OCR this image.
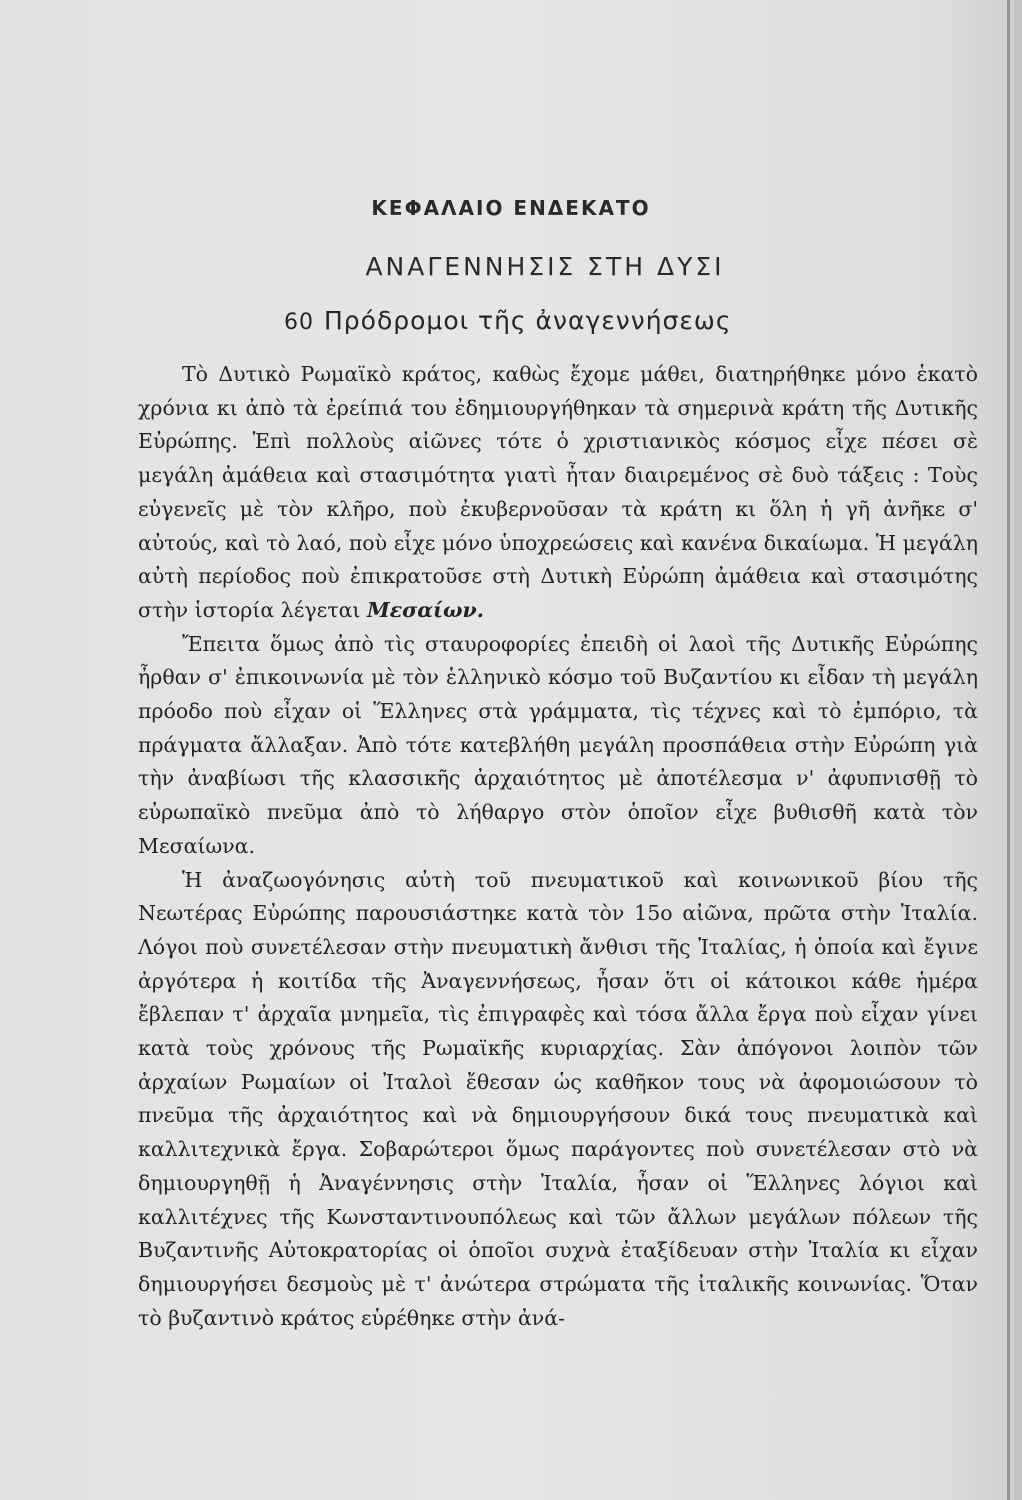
ΚΕΦΑΛΑΙΟ ΕΝΔΕΚΑΤΟ
ΑΝΑΓΕΝΝΗΣΙΣ ΣΤΗ ΔΥΣΙ
60 Πρόδρομοι τῆς ἀναγεννήσεως

Τὸ Δυτικὸ Ρωμαϊκὸ κράτος, καθὼς ἔχομε μάθει, διατηρήθηκε μόνο ἑκατὸ χρόνια κι ἀπὸ τὰ ἐρείπιά του ἐδημιουργήθηκαν τὰ σημερινὰ κράτη τῆς Δυτικῆς Εὐρώπης. Ἐπὶ πολλοὺς αἰῶνες τότε ὁ χριστιανικὸς κόσμος εἶχε πέσει σὲ μεγάλη ἀμάθεια καὶ στασιμότητα γιατὶ ἦταν διαιρεμένος σὲ δυὸ τάξεις : Τοὺς εὐγενεῖς μὲ τὸν κλῆρο, ποὺ ἐκυβερνοῦσαν τὰ κράτη κι ὅλη ἡ γῆ ἀνῆκε σ' αὐτούς, καὶ τὸ λαό, ποὺ εἶχε μόνο ὑποχρεώσεις καὶ κανένα δικαίωμα. Ἡ μεγάλη αὐτὴ περίοδος ποὺ ἐπικρατοῦσε στὴ Δυτικὴ Εὐρώπη ἀμάθεια καὶ στασιμότης στὴν ἱστορία λέγεται Μεσαίων.

Ἔπειτα ὅμως ἀπὸ τὶς σταυροφορίες ἐπειδὴ οἱ λαοὶ τῆς Δυτικῆς Εὐρώπης ἦρθαν σ' ἐπικοινωνία μὲ τὸν ἑλληνικὸ κόσμο τοῦ Βυζαντίου κι εἶδαν τὴ μεγάλη πρόοδο ποὺ εἶχαν οἱ Ἕλληνες στὰ γράμματα, τὶς τέχνες καὶ τὸ ἐμπόριο, τὰ πράγματα ἄλλαξαν. Ἀπὸ τότε κατεβλήθη μεγάλη προσπάθεια στὴν Εὐρώπη γιὰ τὴν ἀναβίωσι τῆς κλασσικῆς ἀρχαιότητος μὲ ἀποτέλεσμα ν' ἀφυπνισθῇ τὸ εὐρωπαϊκὸ πνεῦμα ἀπὸ τὸ λήθαργο στὸν ὁποῖον εἶχε βυθισθῆ κατὰ τὸν Μεσαίωνα.

Ἡ ἀναζωογόνησις αὐτὴ τοῦ πνευματικοῦ καὶ κοινωνικοῦ βίου τῆς Νεωτέρας Εὐρώπης παρουσιάστηκε κατὰ τὸν 15ο αἰῶνα, πρῶτα στὴν Ἰταλία. Λόγοι ποὺ συνετέλεσαν στὴν πνευματικὴ ἄνθισι τῆς Ἰταλίας, ἡ ὁποία καὶ ἔγινε ἀργότερα ἡ κοιτίδα τῆς Ἀναγεννήσεως, ἦσαν ὅτι οἱ κάτοικοι κάθε ἡμέρα ἔβλεπαν τ' ἀρχαῖα μνημεῖα, τὶς ἐπιγραφὲς καὶ τόσα ἄλλα ἔργα ποὺ εἶχαν γίνει κατὰ τοὺς χρόνους τῆς Ρωμαϊκῆς κυριαρχίας. Σὰν ἀπόγονοι λοιπὸν τῶν ἀρχαίων Ρωμαίων οἱ Ἰταλοὶ ἔθεσαν ὡς καθῆκον τους νὰ ἀφομοιώσουν τὸ πνεῦμα τῆς ἀρχαιότητος καὶ νὰ δημιουργήσουν δικά τους πνευματικὰ καὶ καλλιτεχνικὰ ἔργα. Σοβαρώτεροι ὅμως παράγοντες ποὺ συνετέλεσαν στὸ νὰ δημιουργηθῇ ἡ Ἀναγέννησις στὴν Ἰταλία, ἦσαν οἱ Ἕλληνες λόγιοι καὶ καλλιτέχνες τῆς Κωνσταντινουπόλεως καὶ τῶν ἄλλων μεγάλων πόλεων τῆς Βυζαντινῆς Αὐτοκρατορίας οἱ ὁποῖοι συχνὰ ἐταξίδευαν στὴν Ἰταλία κι εἶχαν δημιουργήσει δεσμοὺς μὲ τ' ἀνώτερα στρώματα τῆς ἰταλικῆς κοινωνίας. Ὅταν τὸ βυζαντινὸ κράτος εὑρέθηκε στὴν ἀνά-
